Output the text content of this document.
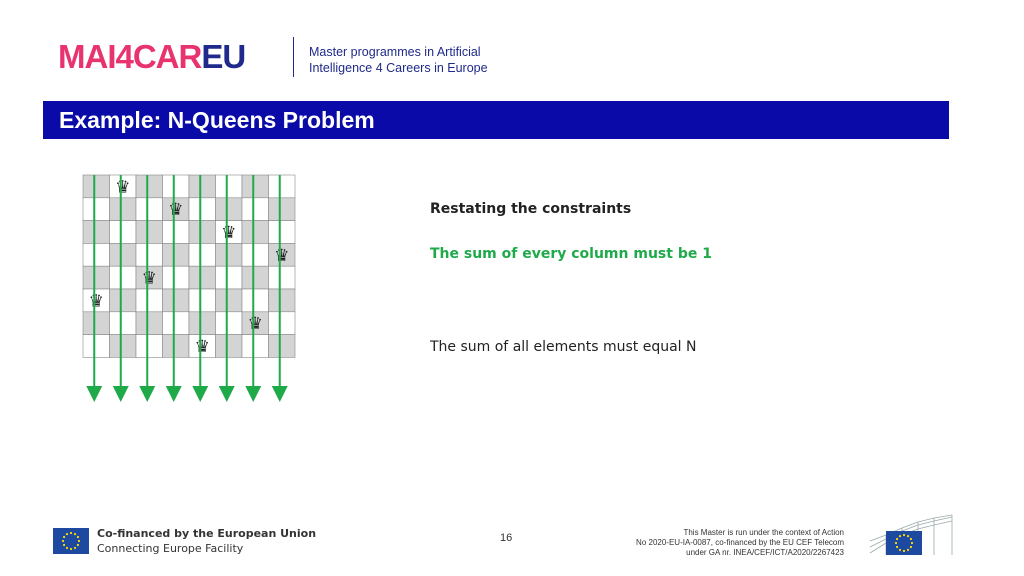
MA I4CAR EU	Master programmes in Artificial
Intelligence 4 Careers in Europe
Example: N-Queens Problem
♛
♛
♛
♛
♛
♛
♛
♛
Restating the constraints
The sum of every column must be 1
The sum of all elements must equal N
Co-financed by the European Union
Connecting Europe Facility
16	This Master is run under the context of Action
No 2020-EU-IA-0087, co-financed by the EU CEF Telecom
under GA nr. INEA/CEF/ICT/A2020/2267423
